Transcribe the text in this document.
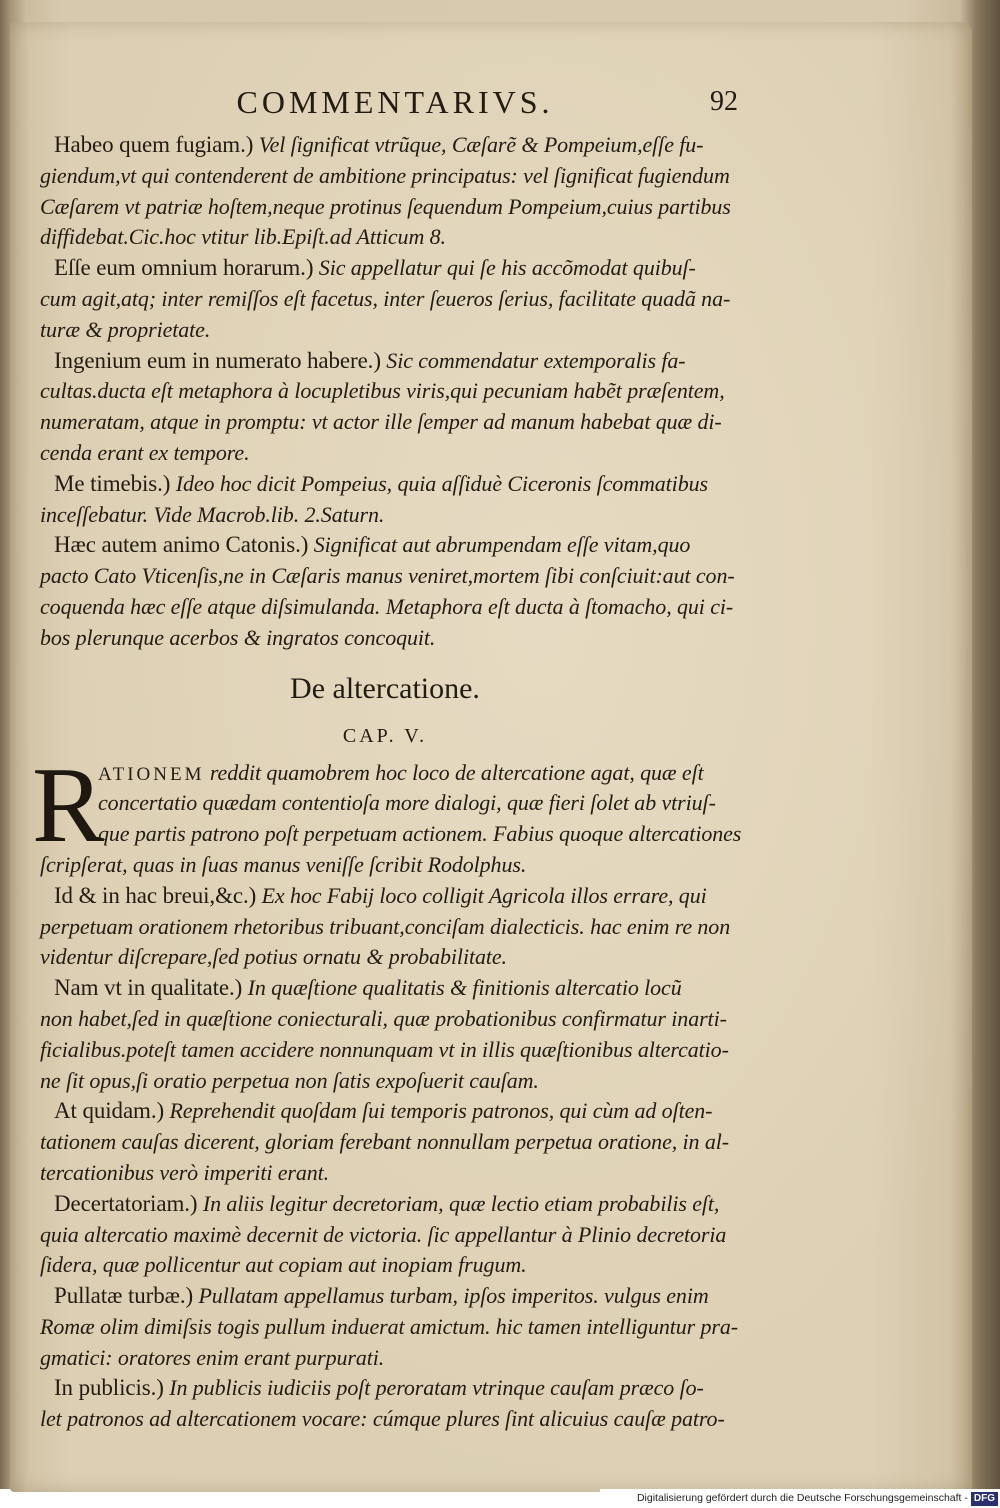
COMMENTARIVS.	92
Habeo quem fugiam.) Vel ſignificat vtrũque, Cæſarẽ & Pompeium,eſſe fu-
giendum,vt qui contenderent de ambitione principatus: vel ſignificat fugiendum
Cæſarem vt patriæ hoſtem,neque protinus ſequendum Pompeium,cuius partibus
diffidebat.Cic.hoc vtitur lib.Epiſt.ad Atticum 8.
Eſſe eum omnium horarum.) Sic appellatur qui ſe his accõmodat quibuſ-
cum agit,atq; inter remiſſos eſt facetus, inter ſeueros ſerius, facilitate quadã na-
turæ & proprietate.
Ingenium eum in numerato habere.) Sic commendatur extemporalis fa-
cultas.ducta eſt metaphora à locupletibus viris,qui pecuniam habẽt præſentem,
numeratam, atque in promptu: vt actor ille ſemper ad manum habebat quæ di-
cenda erant ex tempore.
Me timebis.) Ideo hoc dicit Pompeius, quia aſſiduè Ciceronis ſcommatibus
inceſſebatur. Vide Macrob.lib. 2.Saturn.
Hæc autem animo Catonis.) Significat aut abrumpendam eſſe vitam,quo
pacto Cato Vticenſis,ne in Cæſaris manus veniret,mortem ſibi conſciuit:aut con-
coquenda hæc eſſe atque diſsimulanda. Metaphora eſt ducta à ſtomacho, qui ci-
bos plerunque acerbos & ingratos concoquit.
De altercatione.
CAP. V.
R
ATIONEM reddit quamobrem hoc loco de altercatione agat, quæ eſt
concertatio quædam contentioſa more dialogi, quæ fieri ſolet ab vtriuſ-
que partis patrono poſt perpetuam actionem. Fabius quoque altercationes
ſcripſerat, quas in ſuas manus veniſſe ſcribit Rodolphus.
Id & in hac breui,&c.) Ex hoc Fabij loco colligit Agricola illos errare, qui
perpetuam orationem rhetoribus tribuant,conciſam dialecticis. hac enim re non
videntur diſcrepare,ſed potius ornatu & probabilitate.
Nam vt in qualitate.) In quæſtione qualitatis & finitionis altercatio locũ
non habet,ſed in quæſtione coniecturali, quæ probationibus confirmatur inarti-
ficialibus.poteſt tamen accidere nonnunquam vt in illis quæſtionibus altercatio-
ne ſit opus,ſi oratio perpetua non ſatis expoſuerit cauſam.
At quidam.) Reprehendit quoſdam ſui temporis patronos, qui cùm ad oſten-
tationem cauſas dicerent, gloriam ferebant nonnullam perpetua oratione, in al-
tercationibus verò imperiti erant.
Decertatoriam.) In aliis legitur decretoriam, quæ lectio etiam probabilis eſt,
quia altercatio maximè decernit de victoria. ſic appellantur à Plinio decretoria
ſidera, quæ pollicentur aut copiam aut inopiam frugum.
Pullatæ turbæ.) Pullatam appellamus turbam, ipſos imperitos. vulgus enim
Romæ olim dimiſsis togis pullum induerat amictum. hic tamen intelliguntur pra-
gmatici: oratores enim erant purpurati.
In publicis.) In publicis iudiciis poſt peroratam vtrinque cauſam præco ſo-
let patronos ad altercationem vocare: cúmque plures ſint alicuius cauſæ patro-
Digitalisierung gefördert durch die Deutsche Forschungsgemeinschaft - DFG
